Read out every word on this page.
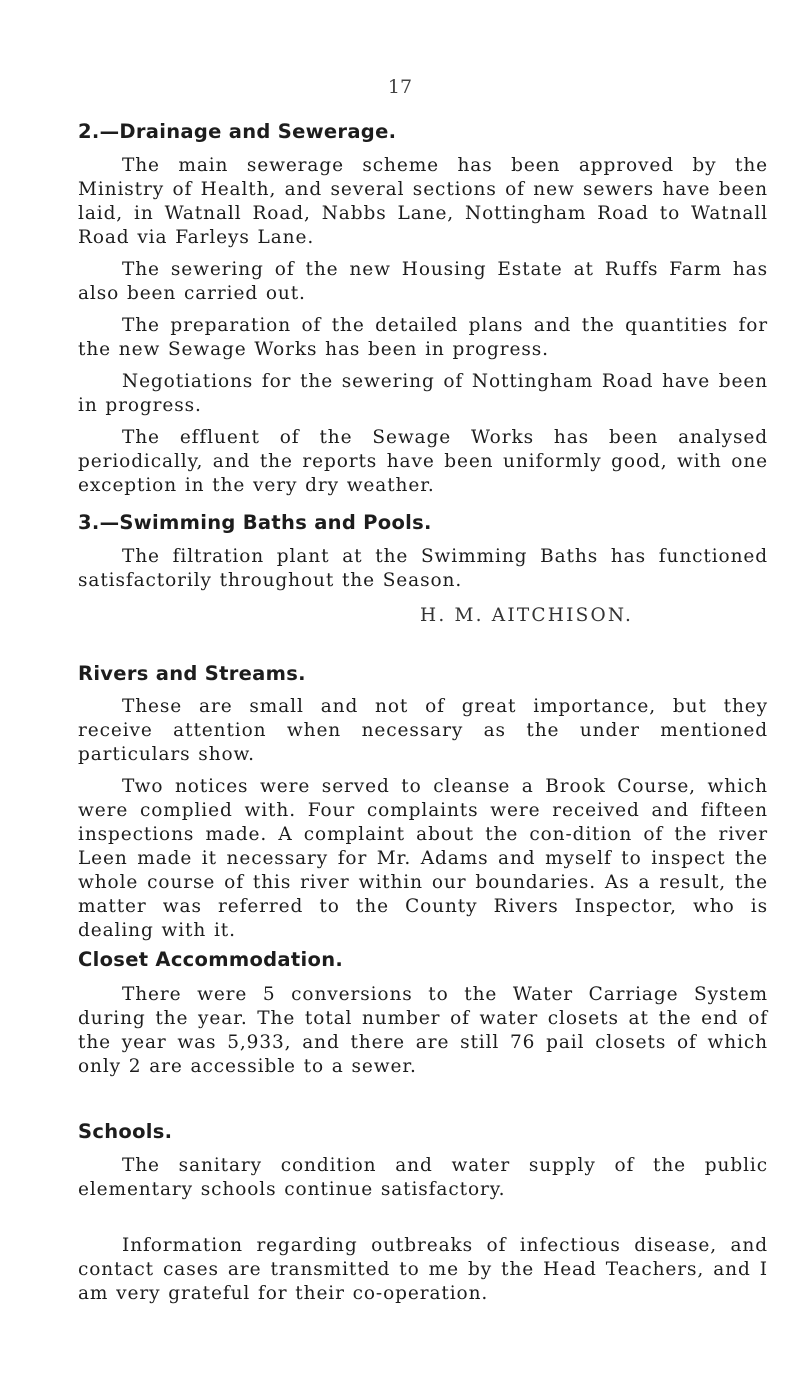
17
2.—Drainage and Sewerage.

The main sewerage scheme has been approved by the Ministry of Health, and several sections of new sewers have been laid, in Watnall Road, Nabbs Lane, Nottingham Road to Watnall Road via Farleys Lane.

The sewering of the new Housing Estate at Ruffs Farm has also been carried out.

The preparation of the detailed plans and the quantities for the new Sewage Works has been in progress.

Negotiations for the sewering of Nottingham Road have been in progress.

The effluent of the Sewage Works has been analysed periodically, and the reports have been uniformly good, with one exception in the very dry weather.

3.—Swimming Baths and Pools.

The filtration plant at the Swimming Baths has functioned satisfactorily throughout the Season.

H. M. AITCHISON.
Rivers and Streams.

These are small and not of great importance, but they receive attention when necessary as the under mentioned particulars show.

Two notices were served to cleanse a Brook Course, which were complied with. Four complaints were received and fifteen inspections made. A complaint about the con-dition of the river Leen made it necessary for Mr. Adams and myself to inspect the whole course of this river within our boundaries. As a result, the matter was referred to the County Rivers Inspector, who is dealing with it.

Closet Accommodation.

There were 5 conversions to the Water Carriage System during the year. The total number of water closets at the end of the year was 5,933, and there are still 76 pail closets of which only 2 are accessible to a sewer.

Schools.

The sanitary condition and water supply of the public elementary schools continue satisfactory.

Information regarding outbreaks of infectious disease, and contact cases are transmitted to me by the Head Teachers, and I am very grateful for their co-operation.
